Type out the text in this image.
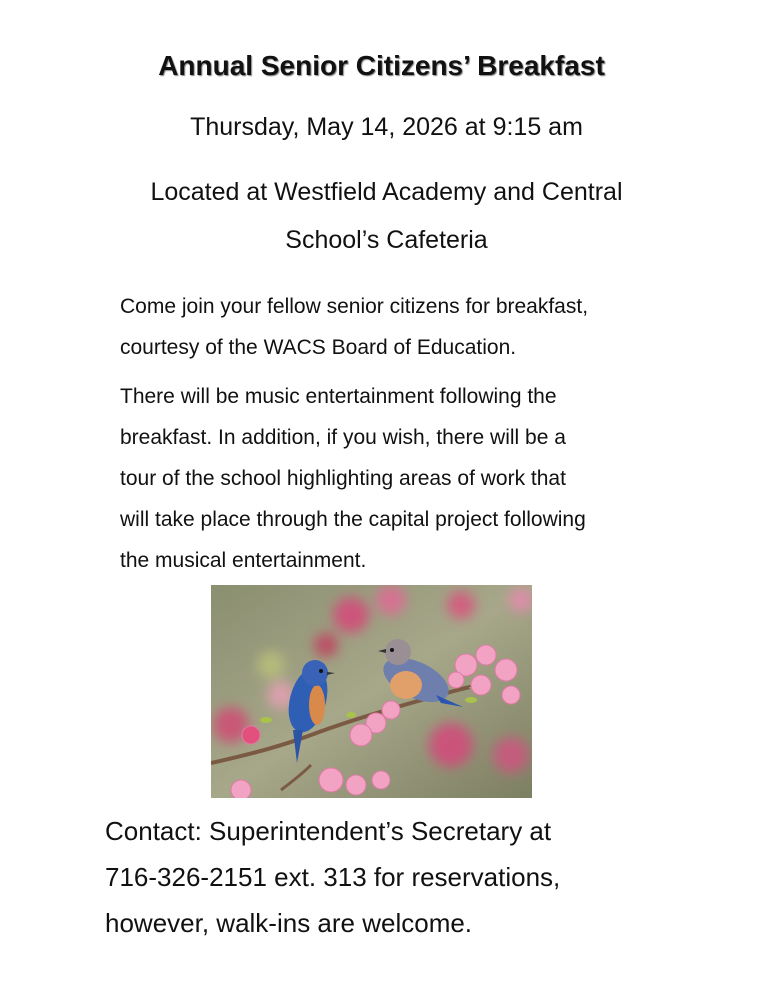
Annual Senior Citizens’ Breakfast
Thursday, May 14, 2026 at 9:15 am
Located at Westfield Academy and Central
School’s Cafeteria
Come join your fellow senior citizens for breakfast,
courtesy of the WACS Board of Education.
There will be music entertainment following the
breakfast. In addition, if you wish, there will be a
tour of the school highlighting areas of work that
will take place through the capital project following
the musical entertainment.
Contact: Superintendent’s Secretary at
716-326-2151 ext. 313 for reservations,
however, walk-ins are welcome.
